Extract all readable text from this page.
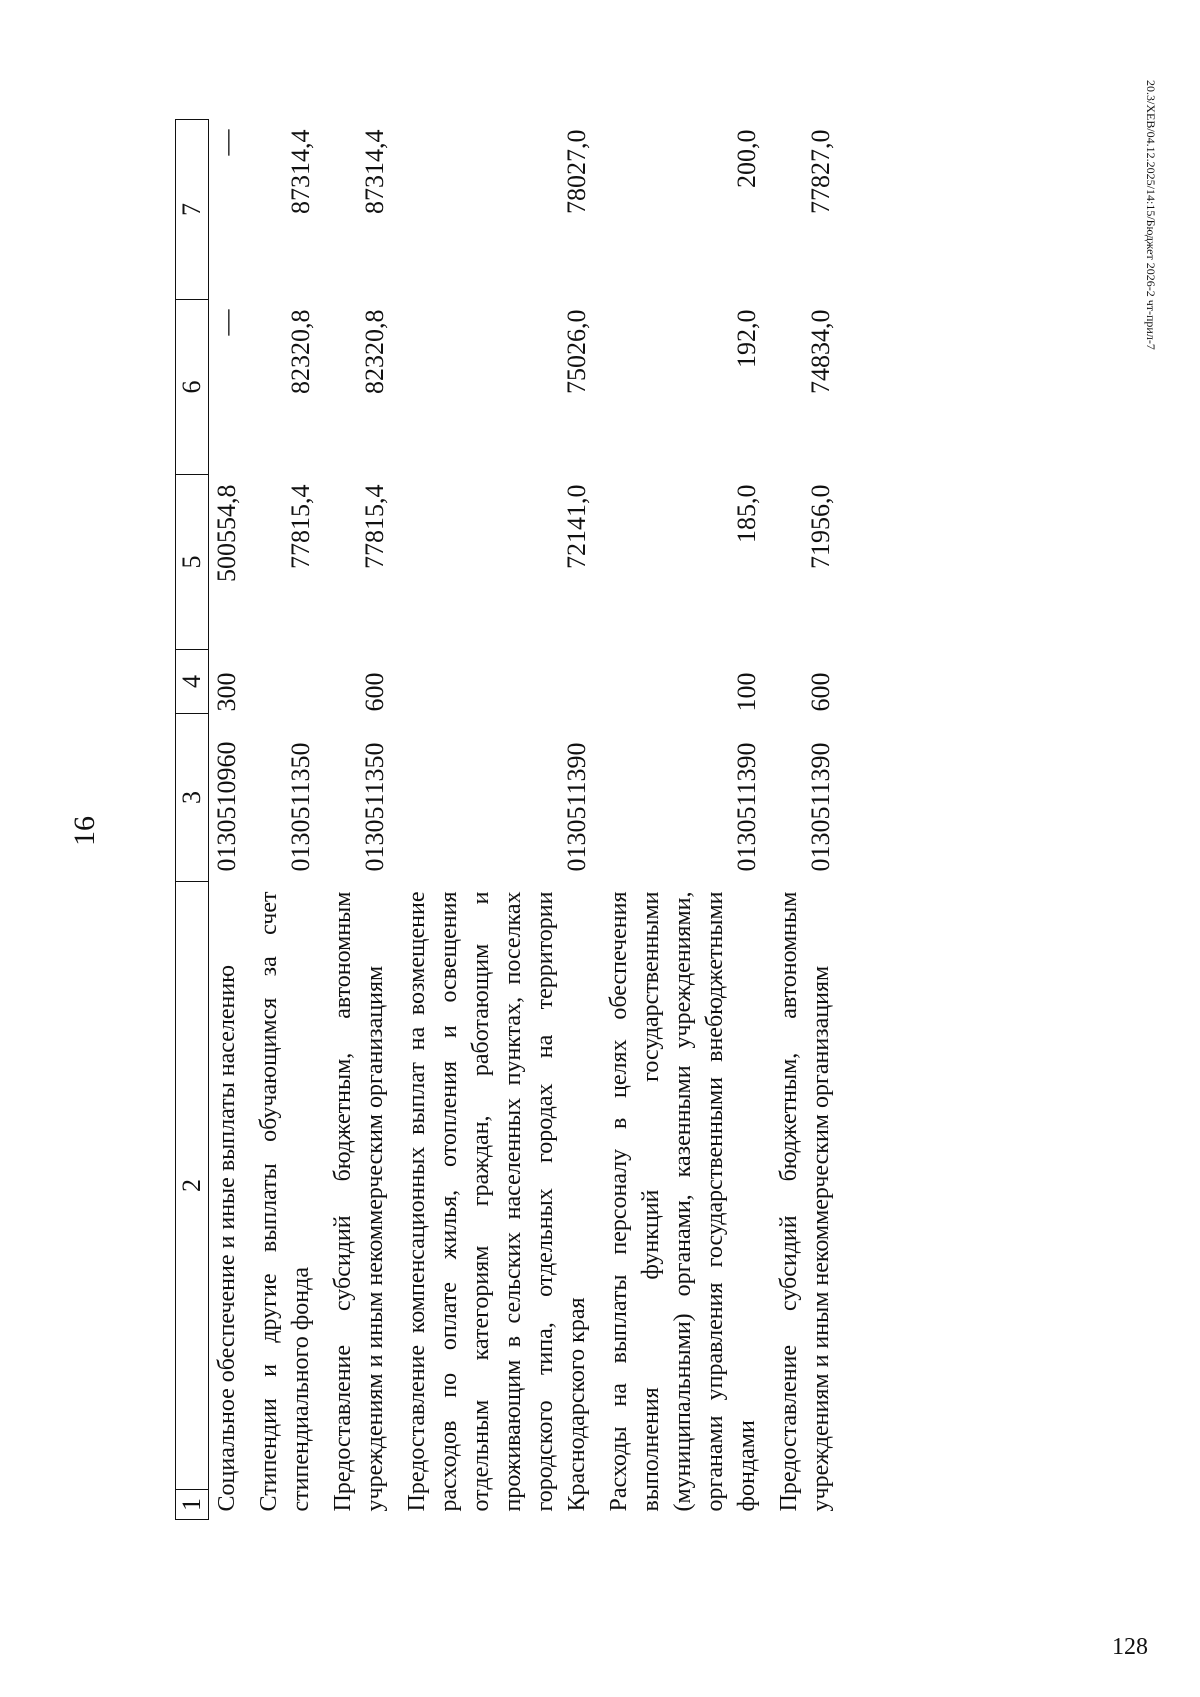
16
20.3/ХЕВ/04.12.2025/14:15/Бюджет 2026-2 чт-прил-7
1	2	3	4	5	6	7
Социальное обеспечение и иные выплаты населению		0130510960	300	500554,8	—	—
Стипендии и другие выплаты обучающимся за счет стипендиального фонда		0130511350		77815,4	82320,8	87314,4
Предоставление субсидий бюджетным, автономным учреждениям и иным некоммерческим организациям		0130511350	600	77815,4	82320,8	87314,4
Предоставление компенсационных выплат на возмещение расходов по оплате жилья, отопления и освещения отдельным категориям граждан, работающим и проживающим в сельских населенных пунктах, поселках городского типа, отдельных городах на территории Краснодарского края		0130511390		72141,0	75026,0	78027,0
Расходы на выплаты персоналу в целях обеспечения выполнения функций государственными (муниципальными) органами, казенными учреждениями, органами управления государственными внебюджетными фондами		0130511390	100	185,0	192,0	200,0
Предоставление субсидий бюджетным, автономным учреждениям и иным некоммерческим организациям		0130511390	600	71956,0	74834,0	77827,0
128
